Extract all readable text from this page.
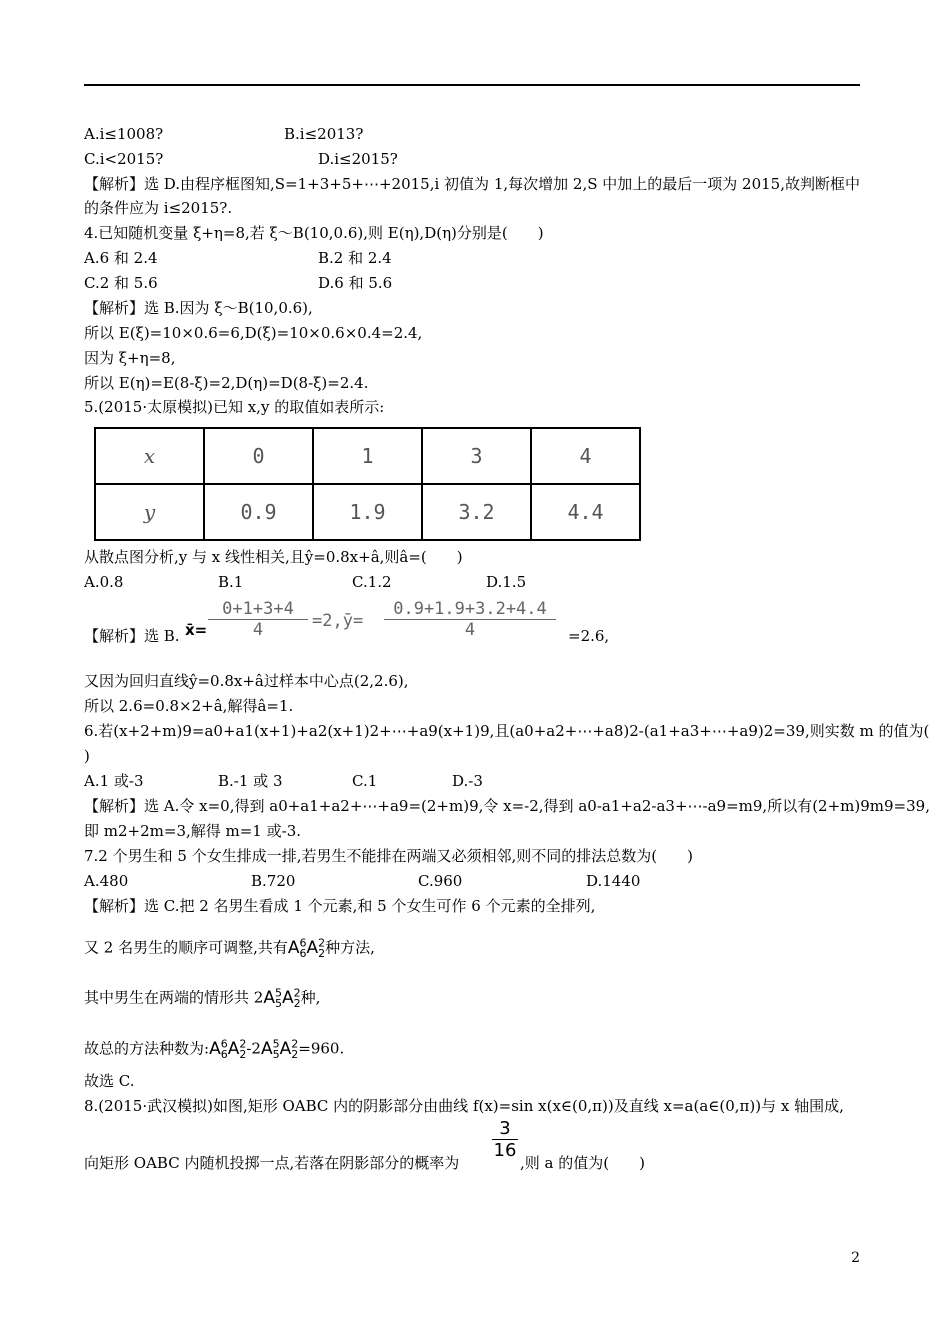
A.i≤1008?	B.i≤2013?
C.i<2015?	D.i≤2015?
【解析】选 D.由程序框图知,S=1+3+5+⋯+2015,i 初值为 1,每次增加 2,S 中加上的最后一项为 2015,故判断框中
的条件应为 i≤2015?.
4.已知随机变量 ξ+η=8,若 ξ～B(10,0.6),则 E(η),D(η)分别是(　　)
A.6 和 2.4	B.2 和 2.4
C.2 和 5.6	D.6 和 5.6
【解析】选 B.因为 ξ～B(10,0.6),
所以 E(ξ)=10×0.6=6,D(ξ)=10×0.6×0.4=2.4,
因为 ξ+η=8,
所以 E(η)=E(8-ξ)=2,D(η)=D(8-ξ)=2.4.
5.(2015·太原模拟)已知 x,y 的取值如表所示:
x	0	1	3	4
y	0.9	1.9	3.2	4.4
从散点图分析,y 与 x 线性相关,且ŷ=0.8x+â,则â=(　　)
A.0.8	B.1	C.1.2	D.1.5
【解析】选 B. x̄= $\frac{0+1+3+4}{4}$ =2,ȳ= $\frac{0.9+1.9+3.2+4.4}{4} =2.6$,
又因为回归直线ŷ=0.8x+â过样本中心点(2,2.6),
所以 2.6=0.8×2+â,解得â=1.
6.若(x+2+m)9=a0+a1(x+1)+a2(x+1)2+⋯+a9(x+1)9,且(a0+a2+⋯+a8)2-(a1+a3+⋯+a9)2=39,则实数 m 的值为(
)
A.1 或-3	B.-1 或 3	C.1	D.-3
【解析】选 A.令 x=0,得到 a0+a1+a2+⋯+a9=(2+m)9,令 x=-2,得到 a0-a1+a2-a3+⋯-a9=m9,所以有(2+m)9m9=39,
即 m2+2m=3,解得 m=1 或-3.
7.2 个男生和 5 个女生排成一排,若男生不能排在两端又必须相邻,则不同的排法总数为(　　)
A.480	B.720	C.960	D.1440
【解析】选 C.把 2 名男生看成 1 个元素,和 5 个女生可作 6 个元素的全排列,
又 2 名男生的顺序可调整,共有$A^6_6A^2_2$种方法,
其中男生在两端的情形共 $2A^5_5A^2_2$种,
故总的方法种数为$:A^6_6A^2_2-2A^5_5A^2_2=960$.
故选 C.
8.(2015·武汉模拟)如图,矩形 OABC 内的阴影部分由曲线 f(x)=sin x(x∈(0,π))及直线 x=a(a∈(0,π))与 x 轴围成,
向矩形 OABC 内随机投掷一点,若落在阴影部分的概率为
$\frac{3}{16}$
,则 a 的值为(　　)
2
